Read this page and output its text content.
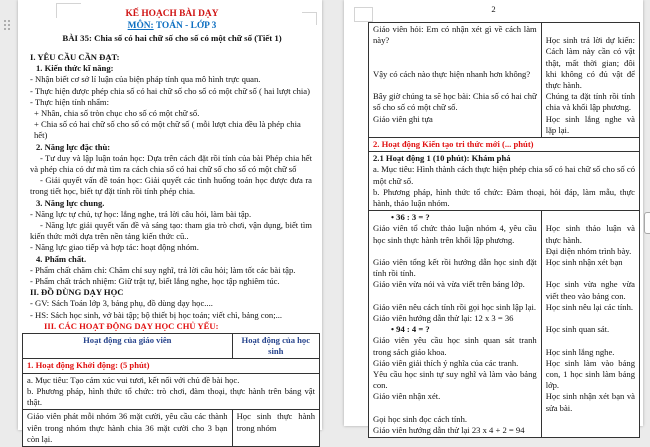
KẾ HOẠCH BÀI DẠY
MÔN: TOÁN - LỚP 3
BÀI 35: Chia số có hai chữ số cho số có một chữ số (Tiết 1)
I. YÊU CẦU CẦN ĐẠT:
1. Kiến thức kĩ năng:
- Nhận biết cơ sở lí luận của biện pháp tính qua mô hình trực quan.
- Thực hiện được phép chia số có hai chữ số cho số có một chữ số ( hai lượt chia)
- Thực hiện tính nhẩm:
+ Nhân, chia số tròn chục cho số có một chữ số.
+ Chia số có hai chữ số cho số có một chữ số ( mỗi lượt chia đều là phép chia hết)
2. Năng lực đặc thù:
- Tư duy và lập luận toán học: Dựa trên cách đặt rồi tính của bài Phép chia hết và phép chia có dư mà tìm ra cách chia số có hai chữ số cho số có một chữ số
- Giải quyết vấn đề toán học: Giải quyết các tình huống toán học được đưa ra trong tiết học, biết tự đặt tính rồi tính phép chia.
3. Năng lực chung.
- Năng lực tự chủ, tự học: lắng nghe, trả lời câu hỏi, làm bài tập.
- Năng lực giải quyết vấn đề và sáng tạo: tham gia trò chơi, vận dụng, biết tìm kiến thức mới dựa trên nền tảng kiến thức cũ..
- Năng lực giao tiếp và hợp tác: hoạt động nhóm.
4. Phẩm chất.
- Phẩm chất chăm chỉ: Chăm chỉ suy nghĩ, trả lời câu hỏi; làm tốt các bài tập.
- Phẩm chất trách nhiệm: Giữ trật tự, biết lắng nghe, học tập nghiêm túc.
II. ĐỒ DÙNG DẠY HỌC
- GV: Sách Toán lớp 3, bảng phụ, đồ dùng dạy học....
- HS: Sách học sinh, vở bài tập; bộ thiết bị học toán; viết chì, bảng con;...
III. CÁC HOẠT ĐỘNG DẠY HỌC CHỦ YẾU:
Hoạt động của giáo viên	Hoạt động của học sinh
1. Hoạt động Khởi động: (5 phút)
a. Mục tiêu: Tạo cảm xúc vui tươi, kết nối với chủ đề bài học.
b. Phương pháp, hình thức tổ chức: trò chơi, đàm thoại, thực hành trên bảng vật thật.
Giáo viên phát mỗi nhóm 36 mặt cười, yêu cầu các thành viên trong nhóm thực hành chia 36 mặt cười cho 3 bạn còn lại.
Học sinh thực hành trong nhóm
2
Giáo viên hỏi: Em có nhận xét gì về cách làm này?
Vậy có cách nào thực hiện nhanh hơn không?
Bây giờ chúng ta sẽ học bài: Chia số có hai chữ số cho số có một chữ số.
Giáo viên ghi tựa
Học sinh trả lời dự kiến: Cách làm này cần có vật thật, mất thời gian; đôi khi không có đủ vật để thực hành.
Chúng ta đặt tính rồi tính chia và khối lập phương.
Học sinh lắng nghe và lặp lại.
2. Hoạt động Kiến tạo tri thức mới (... phút)
2.1 Hoạt động 1 (10 phút): Khám phá
a. Mục tiêu: Hình thành cách thực hiện phép chia số có hai chữ số cho số có một chữ số.
b. Phương pháp, hình thức tổ chức: Đàm thoại, hỏi đáp, làm mẫu, thực hành, thảo luận nhóm.
• 36 : 3 = ?
Giáo viên tổ chức thảo luận nhóm 4, yêu cầu học sinh thực hành trên khối lập phương.
Giáo viên tổng kết rồi hướng dẫn học sinh đặt tính rồi tính.
Giáo viên vừa nói và vừa viết trên bảng lớp.
Giáo viên nêu cách tính rồi gọi học sinh lập lại.
Giáo viên hướng dẫn thử lại: 12 x 3 = 36
• 94 : 4 = ?
Giáo viên yêu cầu học sinh quan sát tranh trong sách giáo khoa.
Giáo viên giải thích ý nghĩa của các tranh.
Yêu cầu học sinh tự suy nghĩ và làm vào bảng con.
Giáo viên nhận xét.
Gọi học sinh đọc cách tính.
Giáo viên hướng dẫn thử lại 23 x 4 + 2 = 94
Học sinh thảo luận và thực hành.
Đại diện nhóm trình bày.
Học sinh nhận xét bạn
Học sinh vừa nghe vừa viết theo vào bảng con.
Học sinh nêu lại các tính.
Học sinh quan sát.
Học sinh lắng nghe.
Học sinh làm vào bảng con, 1 học sinh làm bảng lớp.
Học sinh nhận xét bạn và sửa bài.
